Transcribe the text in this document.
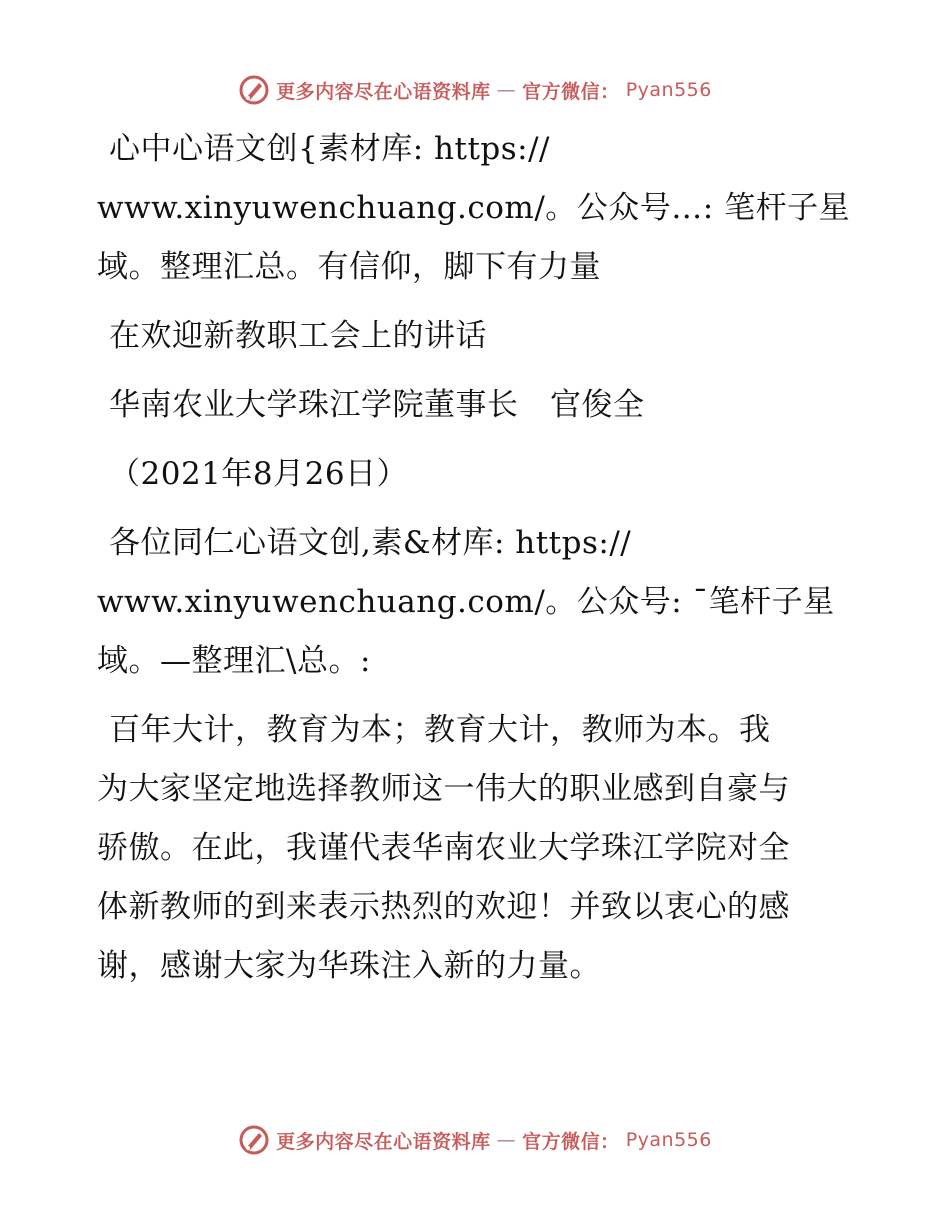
更多内容尽在心语资料库 — 官方微信： Pyan556

心中心语文创{素材库: https://
www.xinyuwenchuang.com/。公众号…: 笔杆子星
域。整理汇总。有信仰，脚下有力量

在欢迎新教职工会上的讲话

华南农业大学珠江学院董事长　官俊全

（2021年8月26日）

各位同仁心语文创,素&材库: https://
www.xinyuwenchuang.com/。公众号: ¯笔杆子星
域。—整理汇\总。:

百年大计，教育为本；教育大计，教师为本。我
为大家坚定地选择教师这一伟大的职业感到自豪与
骄傲。在此，我谨代表华南农业大学珠江学院对全
体新教师的到来表示热烈的欢迎！并致以衷心的感
谢，感谢大家为华珠注入新的力量。

更多内容尽在心语资料库 — 官方微信： Pyan556
